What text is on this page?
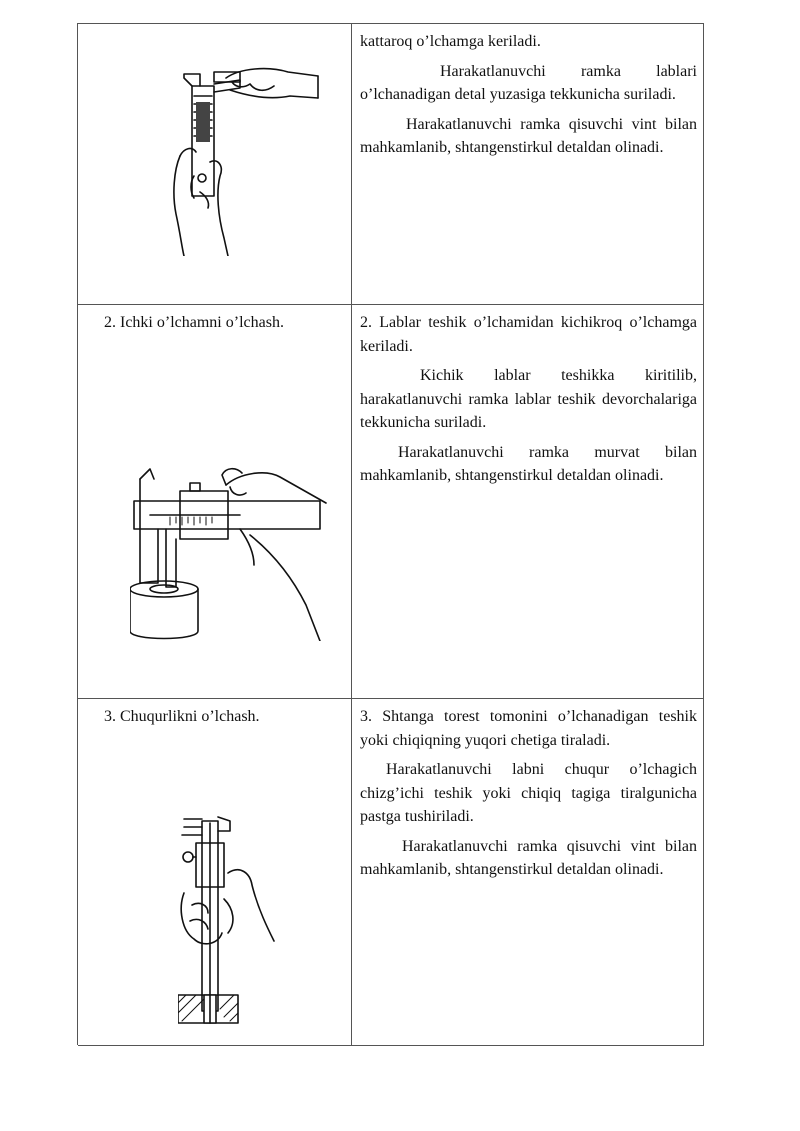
kattaroq o’lchamga keriladi.

Harakatlanuvchi ramka lablari o’lchanadigan detal yuzasiga tekkunicha suriladi.

Harakatlanuvchi ramka qisuvchi vint bilan mahkamlanib, shtangenstirkul detaldan olinadi.

2. Ichki o’lchamni o’lchash.	2. Lablar teshik o’lchamidan kichikroq o’lchamga keriladi.

Kichik lablar teshikka kiritilib, harakatlanuvchi ramka lablar teshik devorchalariga tekkunicha suriladi.

Harakatlanuvchi ramka murvat bilan mahkamlanib, shtangenstirkul detaldan olinadi.

3. Chuqurlikni o’lchash.	3. Shtanga torest tomonini o’lchanadigan teshik yoki chiqiqning yuqori chetiga tiraladi.

Harakatlanuvchi labni chuqur o’lchagich chizg’ichi teshik yoki chiqiq tagiga tiralgunicha pastga tushiriladi.

Harakatlanuvchi ramka qisuvchi vint bilan mahkamlanib, shtangenstirkul detaldan olinadi.
